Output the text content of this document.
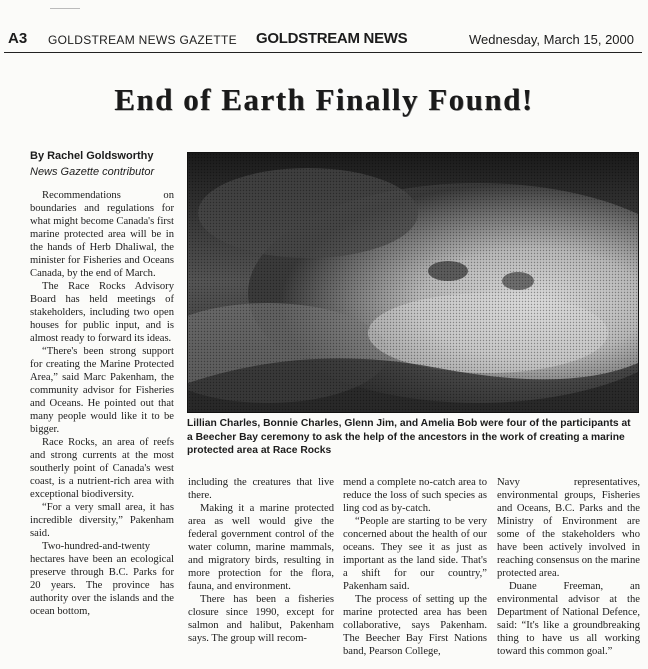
A3 GOLDSTREAM NEWS GAZETTE GOLDSTREAM NEWS	Wednesday, March 15, 2000
End of Earth Finally Found!
By Rachel Goldsworthy
News Gazette contributor

Recommendations on boundaries and regulations for what might become Canada's first marine protected area will be in the hands of Herb Dhaliwal, the minister for Fisheries and Oceans Canada, by the end of March.

The Race Rocks Advisory Board has held meetings of stakeholders, including two open houses for public input, and is almost ready to forward its ideas.

“There's been strong support for creating the Marine Protected Area,” said Marc Pakenham, the community advisor for Fisheries and Oceans. He pointed out that many people would like it to be bigger.

Race Rocks, an area of reefs and strong currents at the most southerly point of Canada's west coast, is a nutrient-rich area with exceptional biodiversity.

“For a very small area, it has incredible diversity,” Pakenham said.

Two-hundred-and-twenty hectares have been an ecological preserve through B.C. Parks for 20 years. The province has authority over the islands and the ocean bottom,

Lillian Charles, Bonnie Charles, Glenn Jim, and Amelia Bob were four of the participants at a Beecher Bay ceremony to ask the help of the ancestors in the work of creating a marine protected area at Race Rocks

including the creatures that live there.

Making it a marine protected area as well would give the federal government control of the water column, marine mammals, and migratory birds, resulting in more protection for the flora, fauna, and environment.

There has been a fisheries closure since 1990, except for salmon and halibut, Pakenham says. The group will recom-

mend a complete no-catch area to reduce the loss of such species as ling cod as by-catch.

“People are starting to be very concerned about the health of our oceans. They see it as just as important as the land side. That's a shift for our country,” Pakenham said.

The process of setting up the marine protected area has been collaborative, says Pakenham. The Beecher Bay First Nations band, Pearson College,

Navy representatives, environmental groups, Fisheries and Oceans, B.C. Parks and the Ministry of Environment are some of the stakeholders who have been actively involved in reaching consensus on the marine protected area.

Duane Freeman, an environmental advisor at the Department of National Defence, said: “It's like a groundbreaking thing to have us all working toward this common goal.”
